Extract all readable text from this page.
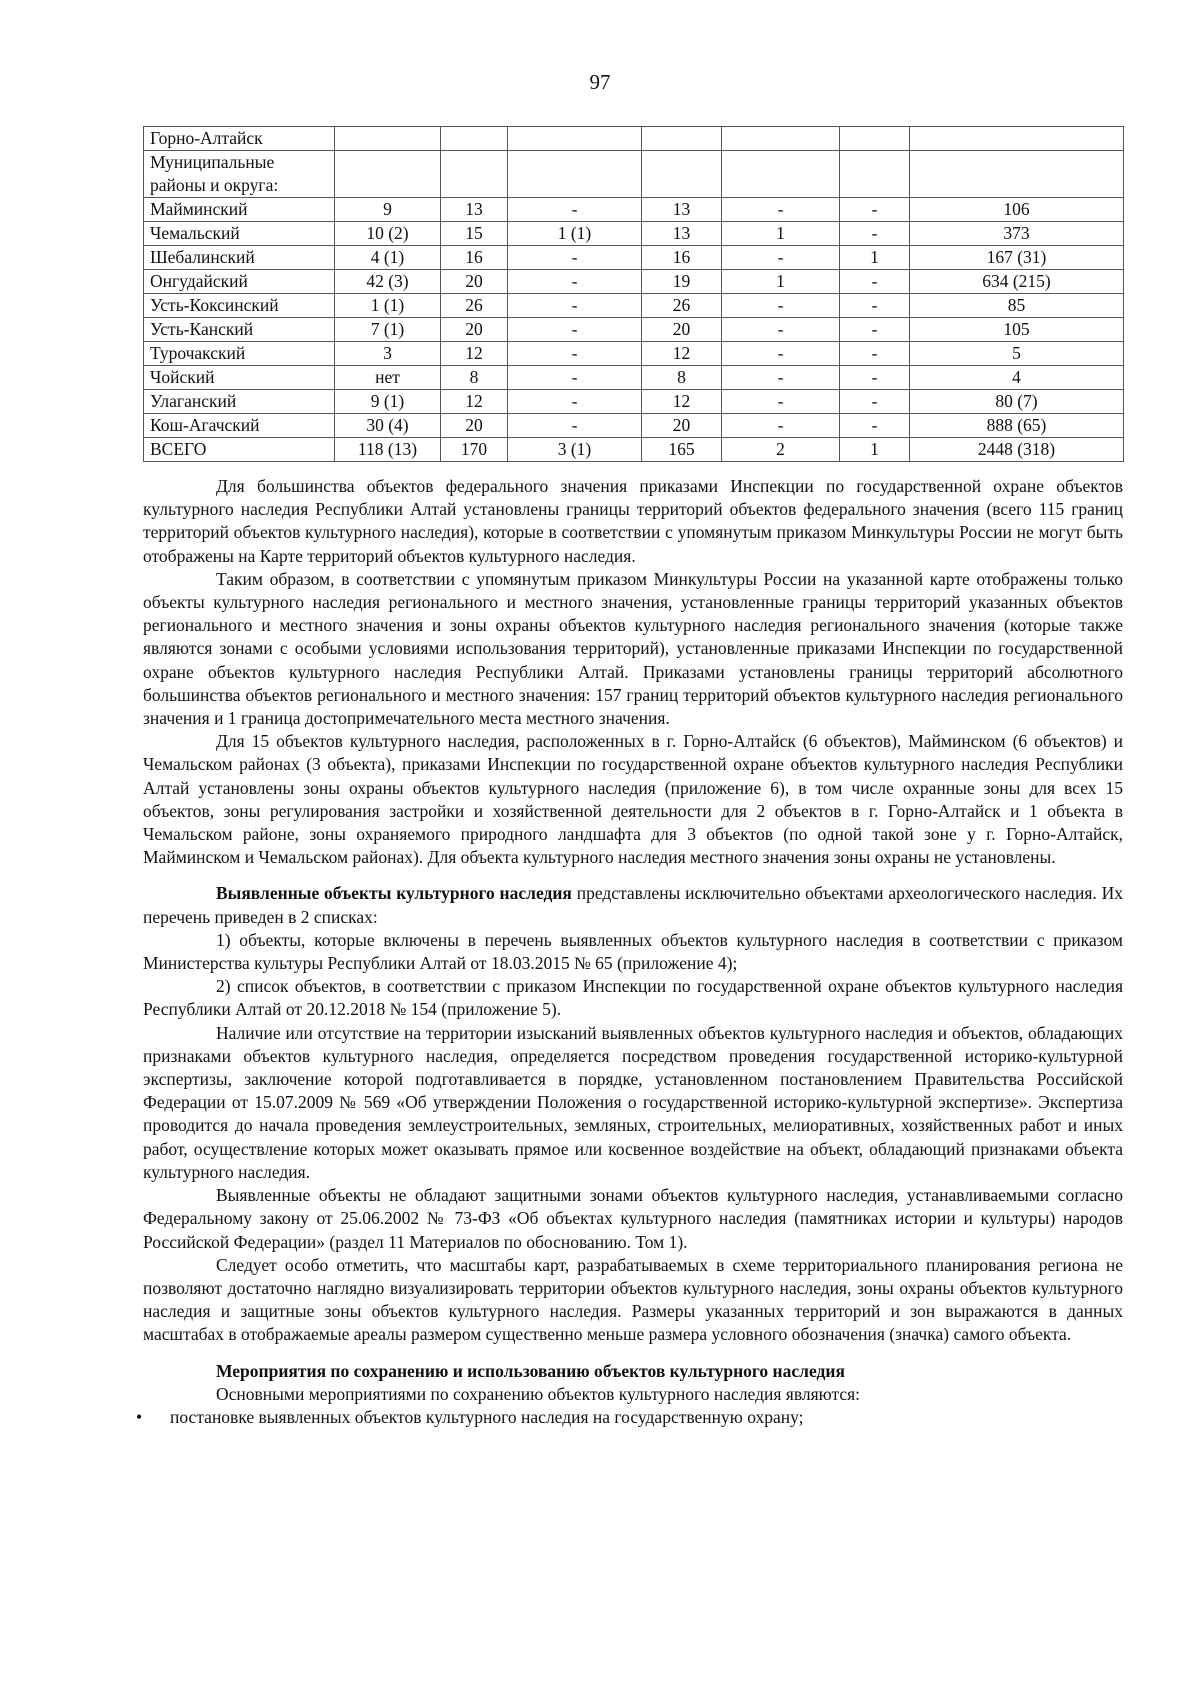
97
Горно-Алтайск							
Муниципальные районы и округа:							
Майминский	9	13	-	13	-	-	106
Чемальский	10 (2)	15	1 (1)	13	1	-	373
Шебалинский	4 (1)	16	-	16	-	1	167 (31)
Онгудайский	42 (3)	20	-	19	1	-	634 (215)
Усть-Коксинский	1 (1)	26	-	26	-	-	85
Усть-Канский	7 (1)	20	-	20	-	-	105
Турочакский	3	12	-	12	-	-	5
Чойский	нет	8	-	8	-	-	4
Улаганский	9 (1)	12	-	12	-	-	80 (7)
Кош-Агачский	30 (4)	20	-	20	-	-	888 (65)
ВСЕГО	118 (13)	170	3 (1)	165	2	1	2448 (318)

Для большинства объектов федерального значения приказами Инспекции по государственной охране объектов культурного наследия Республики Алтай установлены границы территорий объектов федерального значения (всего 115 границ территорий объектов культурного наследия), которые в соответствии с упомянутым приказом Минкультуры России не могут быть отображены на Карте территорий объектов культурного наследия.

Таким образом, в соответствии с упомянутым приказом Минкультуры России на указанной карте отображены только объекты культурного наследия регионального и местного значения, установленные границы территорий указанных объектов регионального и местного значения и зоны охраны объектов культурного наследия регионального значения (которые также являются зонами с особыми условиями использования территорий), установленные приказами Инспекции по государственной охране объектов культурного наследия Республики Алтай. Приказами установлены границы территорий абсолютного большинства объектов регионального и местного значения: 157 границ территорий объектов культурного наследия регионального значения и 1 граница достопримечательного места местного значения.

Для 15 объектов культурного наследия, расположенных в г. Горно-Алтайск (6 объектов), Майминском (6 объектов) и Чемальском районах (3 объекта), приказами Инспекции по государственной охране объектов культурного наследия Республики Алтай установлены зоны охраны объектов культурного наследия (приложение 6), в том числе охранные зоны для всех 15 объектов, зоны регулирования застройки и хозяйственной деятельности для 2 объектов в г. Горно-Алтайск и 1 объекта в Чемальском районе, зоны охраняемого природного ландшафта для 3 объектов (по одной такой зоне у г. Горно-Алтайск, Майминском и Чемальском районах). Для объекта культурного наследия местного значения зоны охраны не установлены.

Выявленные объекты культурного наследия представлены исключительно объектами археологического наследия. Их перечень приведен в 2 списках:

1) объекты, которые включены в перечень выявленных объектов культурного наследия в соответствии с приказом Министерства культуры Республики Алтай от 18.03.2015 № 65 (приложение 4);

2) список объектов, в соответствии с приказом Инспекции по государственной охране объектов культурного наследия Республики Алтай от 20.12.2018 № 154 (приложение 5).

Наличие или отсутствие на территории изысканий выявленных объектов культурного наследия и объектов, обладающих признаками объектов культурного наследия, определяется посредством проведения государственной историко-культурной экспертизы, заключение которой подготавливается в порядке, установленном постановлением Правительства Российской Федерации от 15.07.2009 № 569 «Об утверждении Положения о государственной историко-культурной экспертизе». Экспертиза проводится до начала проведения землеустроительных, земляных, строительных, мелиоративных, хозяйственных работ и иных работ, осуществление которых может оказывать прямое или косвенное воздействие на объект, обладающий признаками объекта культурного наследия.

Выявленные объекты не обладают защитными зонами объектов культурного наследия, устанавливаемыми согласно Федеральному закону от 25.06.2002 № 73-ФЗ «Об объектах культурного наследия (памятниках истории и культуры) народов Российской Федерации» (раздел 11 Материалов по обоснованию. Том 1).

Следует особо отметить, что масштабы карт, разрабатываемых в схеме территориального планирования региона не позволяют достаточно наглядно визуализировать территории объектов культурного наследия, зоны охраны объектов культурного наследия и защитные зоны объектов культурного наследия. Размеры указанных территорий и зон выражаются в данных масштабах в отображаемые ареалы размером существенно меньше размера условного обозначения (значка) самого объекта.

Мероприятия по сохранению и использованию объектов культурного наследия

Основными мероприятиями по сохранению объектов культурного наследия являются:

•	постановке выявленных объектов культурного наследия на государственную охрану;
